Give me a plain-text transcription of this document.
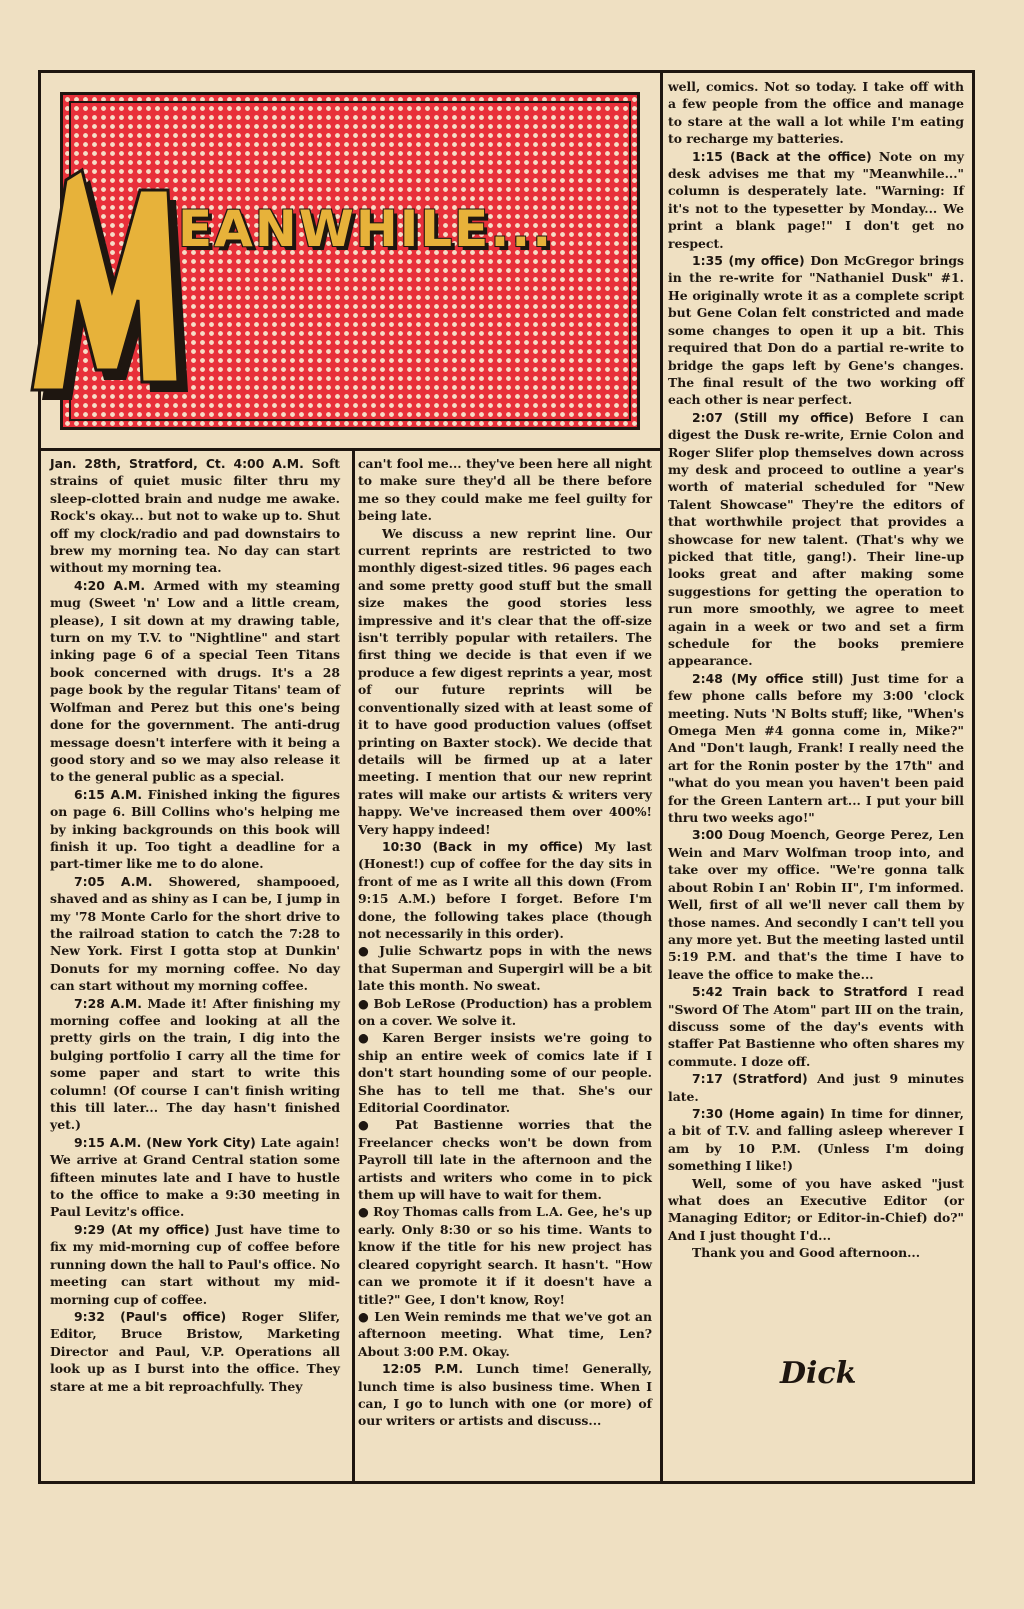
M
EANWHILE...

Jan. 28th, Stratford, Ct. 4:00 A.M. Soft strains of quiet music filter thru my sleep-clotted brain and nudge me awake. Rock's okay... but not to wake up to. Shut off my clock/radio and pad downstairs to brew my morning tea. No day can start without my morning tea.

4:20 A.M. Armed with my steaming mug (Sweet 'n' Low and a little cream, please), I sit down at my drawing table, turn on my T.V. to "Nightline" and start inking page 6 of a special Teen Titans book concerned with drugs. It's a 28 page book by the regular Titans' team of Wolfman and Perez but this one's being done for the government. The anti-drug message doesn't interfere with it being a good story and so we may also release it to the general public as a special.

6:15 A.M. Finished inking the figures on page 6. Bill Collins who's helping me by inking backgrounds on this book will finish it up. Too tight a deadline for a part-timer like me to do alone.

7:05 A.M. Showered, shampooed, shaved and as shiny as I can be, I jump in my '78 Monte Carlo for the short drive to the railroad station to catch the 7:28 to New York. First I gotta stop at Dunkin' Donuts for my morning coffee. No day can start without my morning coffee.

7:28 A.M. Made it! After finishing my morning coffee and looking at all the pretty girls on the train, I dig into the bulging portfolio I carry all the time for some paper and start to write this column! (Of course I can't finish writing this till later... The day hasn't finished yet.)

9:15 A.M. (New York City) Late again! We arrive at Grand Central station some fifteen minutes late and I have to hustle to the office to make a 9:30 meeting in Paul Levitz's office.

9:29 (At my office) Just have time to fix my mid-morning cup of coffee before running down the hall to Paul's office. No meeting can start without my mid-morning cup of coffee.

9:32 (Paul's office) Roger Slifer, Editor, Bruce Bristow, Marketing Director and Paul, V.P. Operations all look up as I burst into the office. They stare at me a bit reproachfully. They

can't fool me... they've been here all night to make sure they'd all be there before me so they could make me feel guilty for being late.

We discuss a new reprint line. Our current reprints are restricted to two monthly digest-sized titles. 96 pages each and some pretty good stuff but the small size makes the good stories less impressive and it's clear that the off-size isn't terribly popular with retailers. The first thing we decide is that even if we produce a few digest reprints a year, most of our future reprints will be conventionally sized with at least some of it to have good production values (offset printing on Baxter stock). We decide that details will be firmed up at a later meeting. I mention that our new reprint rates will make our artists & writers very happy. We've increased them over 400%! Very happy indeed!

10:30 (Back in my office) My last (Honest!) cup of coffee for the day sits in front of me as I write all this down (From 9:15 A.M.) before I forget. Before I'm done, the following takes place (though not necessarily in this order).

● Julie Schwartz pops in with the news that Superman and Supergirl will be a bit late this month. No sweat.

● Bob LeRose (Production) has a problem on a cover. We solve it.

● Karen Berger insists we're going to ship an entire week of comics late if I don't start hounding some of our people. She has to tell me that. She's our Editorial Coordinator.

● Pat Bastienne worries that the Freelancer checks won't be down from Payroll till late in the afternoon and the artists and writers who come in to pick them up will have to wait for them.

● Roy Thomas calls from L.A. Gee, he's up early. Only 8:30 or so his time. Wants to know if the title for his new project has cleared copyright search. It hasn't. "How can we promote it if it doesn't have a title?" Gee, I don't know, Roy!

● Len Wein reminds me that we've got an afternoon meeting. What time, Len? About 3:00 P.M. Okay.

12:05 P.M. Lunch time! Generally, lunch time is also business time. When I can, I go to lunch with one (or more) of our writers or artists and discuss...

well, comics. Not so today. I take off with a few people from the office and manage to stare at the wall a lot while I'm eating to recharge my batteries.

1:15 (Back at the office) Note on my desk advises me that my "Meanwhile..." column is desperately late. "Warning: If it's not to the typesetter by Monday... We print a blank page!" I don't get no respect.

1:35 (my office) Don McGregor brings in the re-write for "Nathaniel Dusk" #1. He originally wrote it as a complete script but Gene Colan felt constricted and made some changes to open it up a bit. This required that Don do a partial re-write to bridge the gaps left by Gene's changes. The final result of the two working off each other is near perfect.

2:07 (Still my office) Before I can digest the Dusk re-write, Ernie Colon and Roger Slifer plop themselves down across my desk and proceed to outline a year's worth of material scheduled for "New Talent Showcase" They're the editors of that worthwhile project that provides a showcase for new talent. (That's why we picked that title, gang!). Their line-up looks great and after making some suggestions for getting the operation to run more smoothly, we agree to meet again in a week or two and set a firm schedule for the books premiere appearance.

2:48 (My office still) Just time for a few phone calls before my 3:00 'clock meeting. Nuts 'N Bolts stuff; like, "When's Omega Men #4 gonna come in, Mike?" And "Don't laugh, Frank! I really need the art for the Ronin poster by the 17th" and "what do you mean you haven't been paid for the Green Lantern art... I put your bill thru two weeks ago!"

3:00 Doug Moench, George Perez, Len Wein and Marv Wolfman troop into, and take over my office. "We're gonna talk about Robin I an' Robin II", I'm informed. Well, first of all we'll never call them by those names. And secondly I can't tell you any more yet. But the meeting lasted until 5:19 P.M. and that's the time I have to leave the office to make the...

5:42 Train back to Stratford I read "Sword Of The Atom" part III on the train, discuss some of the day's events with staffer Pat Bastienne who often shares my commute. I doze off.

7:17 (Stratford) And just 9 minutes late.

7:30 (Home again) In time for dinner, a bit of T.V. and falling asleep wherever I am by 10 P.M. (Unless I'm doing something I like!)

Well, some of you have asked "just what does an Executive Editor (or Managing Editor; or Editor-in-Chief) do?" And I just thought I'd...

Thank you and Good afternoon...

Dick
